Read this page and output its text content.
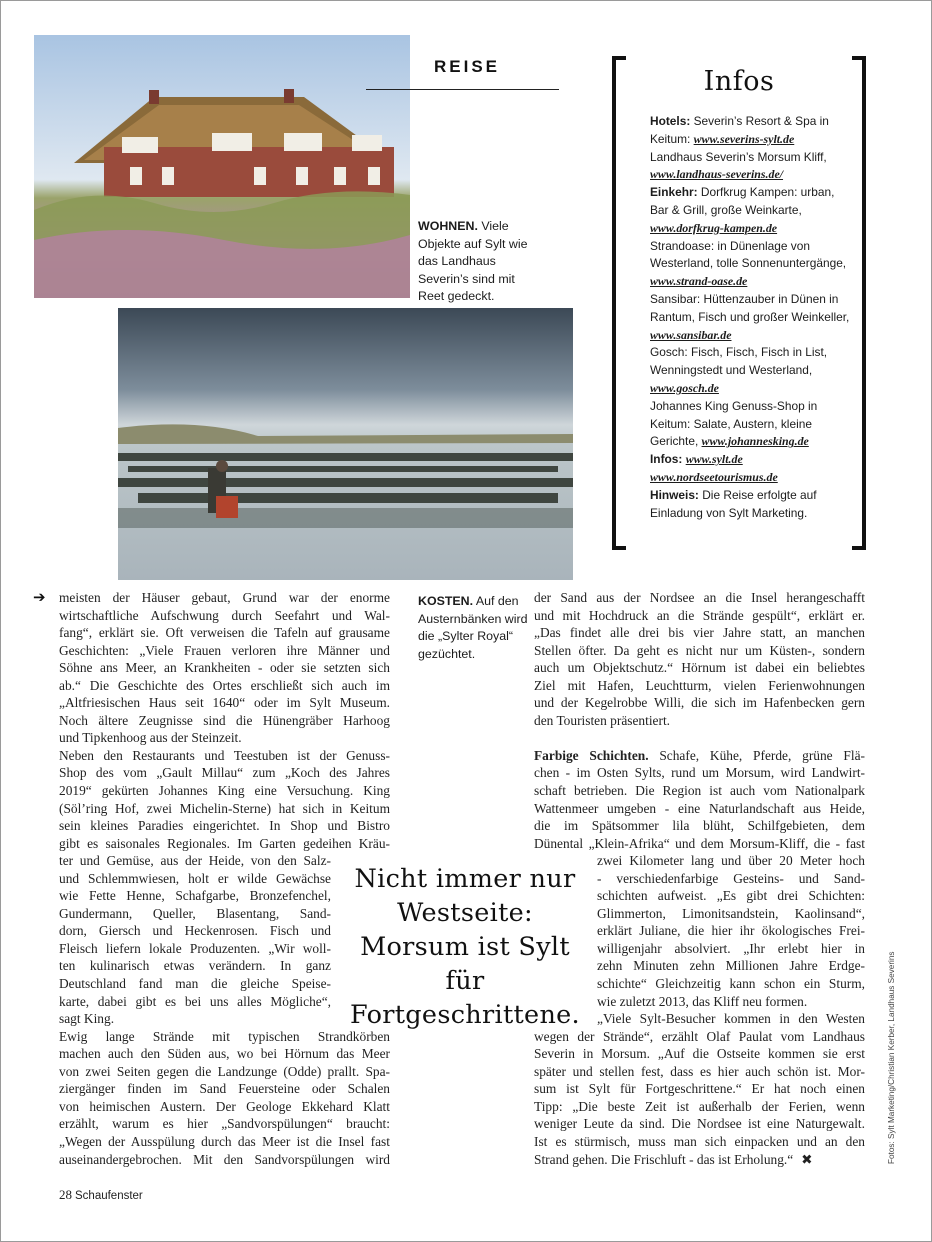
REISE
WOHNEN. Viele Objekte auf Sylt wie das Landhaus Severin’s sind mit Reet gedeckt.
KOSTEN. Auf den Austernbänken wird die „Sylter Royal“ gezüchtet.
Infos
Hotels: Severin’s Resort & Spa in Keitum: www.severins-sylt.de
Landhaus Severin’s Morsum Kliff, www.landhaus-severins.de/
Einkehr: Dorfkrug Kampen: urban, Bar & Grill, große Weinkarte, www.dorfkrug-kampen.de
Strandoase: in Dünenlage von Westerland, tolle Sonnenuntergänge, www.strand-oase.de
Sansibar: Hüttenzauber in Dünen in Rantum, Fisch und großer Weinkeller, www.sansibar.de
Gosch: Fisch, Fisch, Fisch in List, Wenningstedt und Westerland, www.gosch.de
Johannes King Genuss-Shop in Keitum: Salate, Austern, kleine Gerichte, www.johannesking.de
Infos: www.sylt.de
www.nordseetourismus.de
Hinweis: Die Reise erfolgte auf Einladung von Sylt Marketing.
➔ meisten der Häuser gebaut, Grund war der enorme
wirtschaftliche Aufschwung durch Seefahrt und Wal-
fang“, erklärt sie. Oft verweisen die Tafeln auf grausame
Geschichten: „Viele Frauen verloren ihre Männer und
Söhne ans Meer, an Krankheiten - oder sie setzten sich
ab.“ Die Geschichte des Ortes erschließt sich auch im
„Altfriesischen Haus seit 1640“ oder im Sylt Museum.
Noch ältere Zeugnisse sind die Hünengräber Harhoog
und Tipkenhoog aus der Steinzeit.
Neben den Restaurants und Teestuben ist der Genuss-
Shop des vom „Gault Millau“ zum „Koch des Jahres
2019“ gekürten Johannes King eine Versuchung. King
(Söl’ring Hof, zwei Michelin-Sterne) hat sich in Keitum
sein kleines Paradies eingerichtet. In Shop und Bistro
gibt es saisonales Regionales. Im Garten gedeihen Kräu-
ter und Gemüse, aus der Heide, von den Salz-
und Schlemmwiesen, holt er wilde Gewächse
wie Fette Henne, Schafgarbe, Bronzefenchel,
Gundermann, Queller, Blasentang, Sand-
dorn, Giersch und Heckenrosen. Fisch und
Fleisch liefern lokale Produzenten. „Wir woll-
ten kulinarisch etwas verändern. In ganz
Deutschland fand man die gleiche Speise-
karte, dabei gibt es bei uns alles Mögliche“,
sagt King.
Ewig lange Strände mit typischen Strandkörben
machen auch den Süden aus, wo bei Hörnum das Meer
von zwei Seiten gegen die Landzunge (Odde) prallt. Spa-
ziergänger finden im Sand Feuersteine oder Schalen
von heimischen Austern. Der Geologe Ekkehard Klatt
erzählt, warum es hier „Sandvorspülungen“ braucht:
„Wegen der Ausspülung durch das Meer ist die Insel fast
auseinandergebrochen. Mit den Sandvorspülungen wird
der Sand aus der Nordsee an die Insel herangeschafft
und mit Hochdruck an die Strände gespült“, erklärt er.
„Das findet alle drei bis vier Jahre statt, an manchen
Stellen öfter. Da geht es nicht nur um Küsten-, sondern
auch um Objektschutz.“ Hörnum ist dabei ein beliebtes
Ziel mit Hafen, Leuchtturm, vielen Ferienwohnungen
und der Kegelrobbe Willi, die sich im Hafenbecken gern
den Touristen präsentiert.
Farbige Schichten. Schafe, Kühe, Pferde, grüne Flä-
chen - im Osten Sylts, rund um Morsum, wird Landwirt-
schaft betrieben. Die Region ist auch vom Nationalpark
Wattenmeer umgeben - eine Naturlandschaft aus Heide,
die im Spätsommer lila blüht, Schilfgebieten, dem
Dünental „Klein-Afrika“ und dem Morsum-Kliff, die - fast
zwei Kilometer lang und über 20 Meter hoch
- verschiedenfarbige Gesteins- und Sand-
schichten aufweist. „Es gibt drei Schichten:
Glimmerton, Limonitsandstein, Kaolinsand“,
erklärt Juliane, die hier ihr ökologisches Frei-
willigenjahr absolviert. „Ihr erlebt hier in
zehn Minuten zehn Millionen Jahre Erdge-
schichte“ Gleichzeitig kann schon ein Sturm,
wie zuletzt 2013, das Kliff neu formen.
„Viele Sylt-Besucher kommen in den Westen
wegen der Strände“, erzählt Olaf Paulat vom Landhaus
Severin in Morsum. „Auf die Ostseite kommen sie erst
später und stellen fest, dass es hier auch schön ist. Mor-
sum ist Sylt für Fortgeschrittene.“ Er hat noch einen
Tipp: „Die beste Zeit ist außerhalb der Ferien, wenn
weniger Leute da sind. Die Nordsee ist eine Naturgewalt.
Ist es stürmisch, muss man sich einpacken und an den
Strand gehen. Die Frischluft - das ist Erholung.“ ✖
Nicht immer nur Westseite: Morsum ist Sylt für Fortgeschrittene.
28 Schaufenster
Fotos: Sylt Marketing/Christian Kerber, Landhaus Severins
